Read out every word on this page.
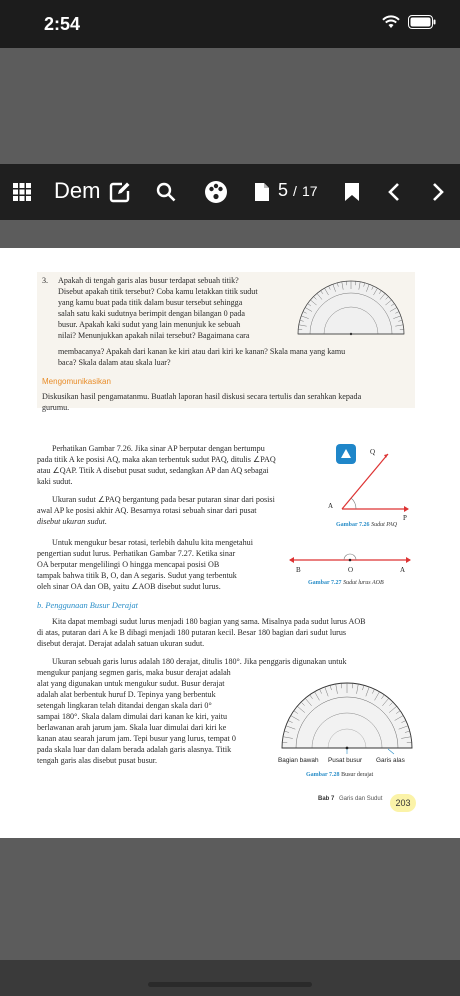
2:54
Dem	5 / 17
3. Apakah di tengah garis alas busur terdapat sebuah titik?
Disebut apakah titik tersebut? Coba kamu letakkan titik sudut
yang kamu buat pada titik dalam busur tersebut sehingga
salah satu kaki sudutnya berimpit dengan bilangan 0 pada
busur. Apakah kaki sudut yang lain menunjuk ke sebuah
nilai? Menunjukkan apakah nilai tersebut? Bagaimana cara
membacanya? Apakah dari kanan ke kiri atau dari kiri ke kanan? Skala mana yang kamu
baca? Skala dalam atau skala luar?
Mengomunikasikan
Diskusikan hasil pengamatanmu. Buatlah laporan hasil diskusi secara tertulis dan serahkan kepada
gurumu.
Perhatikan Gambar 7.26. Jika sinar AP berputar dengan bertumpu
pada titik A ke posisi AQ, maka akan terbentuk sudut PAQ, ditulis ∠PAQ
atau ∠QAP. Titik A disebut pusat sudut, sedangkan AP dan AQ sebagai
kaki sudut.
Ukuran sudut ∠PAQ bergantung pada besar putaran sinar dari posisi
awal AP ke posisi akhir AQ. Besarnya rotasi sebuah sinar dari pusat
disebut ukuran sudut.
Q
A
P
Gambar 7.26 Sudut PAQ
Untuk mengukur besar rotasi, terlebih dahulu kita mengetahui
pengertian sudut lurus. Perhatikan Gambar 7.27. Ketika sinar
OA berputar mengelilingi O hingga mencapai posisi OB
tampak bahwa titik B, O, dan A segaris. Sudut yang terbentuk
oleh sinar OA dan OB, yaitu ∠AOB disebut sudut lurus.
B	O	A
Gambar 7.27 Sudut lurus AOB
b. Penggunaan Busur Derajat
Kita dapat membagi sudut lurus menjadi 180 bagian yang sama. Misalnya pada sudut lurus AOB
di atas, putaran dari A ke B dibagi menjadi 180 putaran kecil. Besar 180 bagian dari sudut lurus
disebut derajat. Derajat adalah satuan ukuran sudut.
Ukuran sebuah garis lurus adalah 180 derajat, ditulis 180°. Jika penggaris digunakan untuk
mengukur panjang segmen garis, maka busur derajat adalah
alat yang digunakan untuk mengukur sudut. Busur derajat
adalah alat berbentuk huruf D. Tepinya yang berbentuk
setengah lingkaran telah ditandai dengan skala dari 0°
sampai 180°. Skala dalam dimulai dari kanan ke kiri, yaitu
berlawanan arah jarum jam. Skala luar dimulai dari kiri ke
kanan atau searah jarum jam. Tepi busur yang lurus, tempat 0
pada skala luar dan dalam berada adalah garis alasnya. Titik
tengah garis alas disebut pusat busur.	Bagian bawah Pusat busur Garis alas
Gambar 7.28 Busur derajat
Bab 7 Garis dan Sudut	203
